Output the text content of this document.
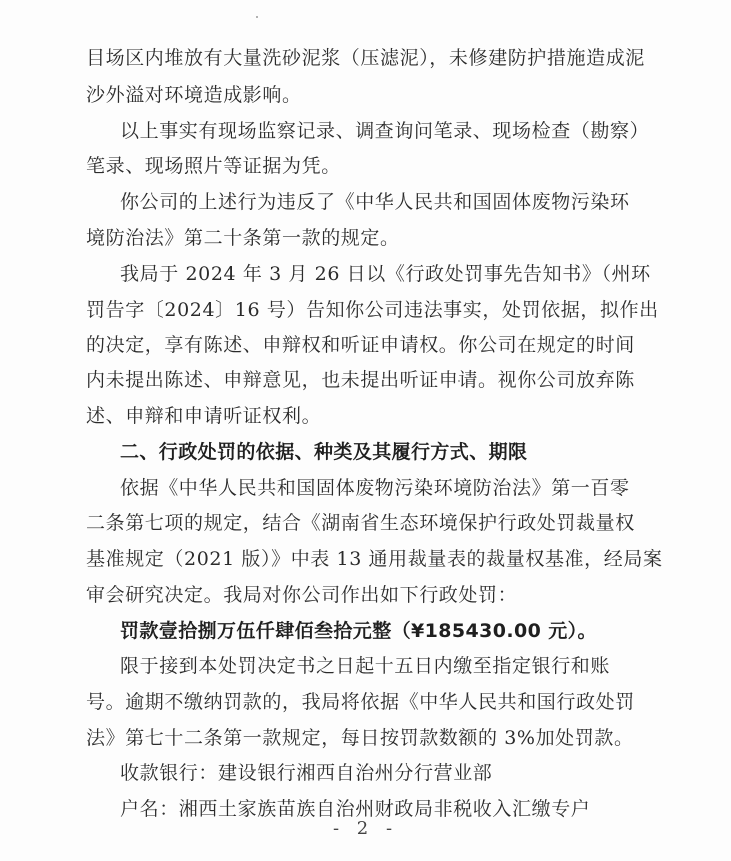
目场区内堆放有大量洗砂泥浆（压滤泥），未修建防护措施造成泥
沙外溢对环境造成影响。
以上事实有现场监察记录、调查询问笔录、现场检查（勘察）
笔录、现场照片等证据为凭。
你公司的上述行为违反了《中华人民共和国固体废物污染环
境防治法》第二十条第一款的规定。
我局于 2024 年 3 月 26 日以《行政处罚事先告知书》（州环
罚告字〔2024〕16 号）告知你公司违法事实，处罚依据，拟作出
的决定，享有陈述、申辩权和听证申请权。你公司在规定的时间
内未提出陈述、申辩意见，也未提出听证申请。视你公司放弃陈
述、申辩和申请听证权利。
二、行政处罚的依据、种类及其履行方式、期限
依据《中华人民共和国固体废物污染环境防治法》第一百零
二条第七项的规定，结合《湖南省生态环境保护行政处罚裁量权
基准规定（2021 版）》中表 13 通用裁量表的裁量权基准，经局案
审会研究决定。我局对你公司作出如下行政处罚：
罚款壹拾捌万伍仟肆佰叁拾元整（¥185430.00 元）。
限于接到本处罚决定书之日起十五日内缴至指定银行和账
号。逾期不缴纳罚款的，我局将依据《中华人民共和国行政处罚
法》第七十二条第一款规定，每日按罚款数额的 3%加处罚款。
收款银行：建设银行湘西自治州分行营业部
户名：湘西土家族苗族自治州财政局非税收入汇缴专户
- 2 -
